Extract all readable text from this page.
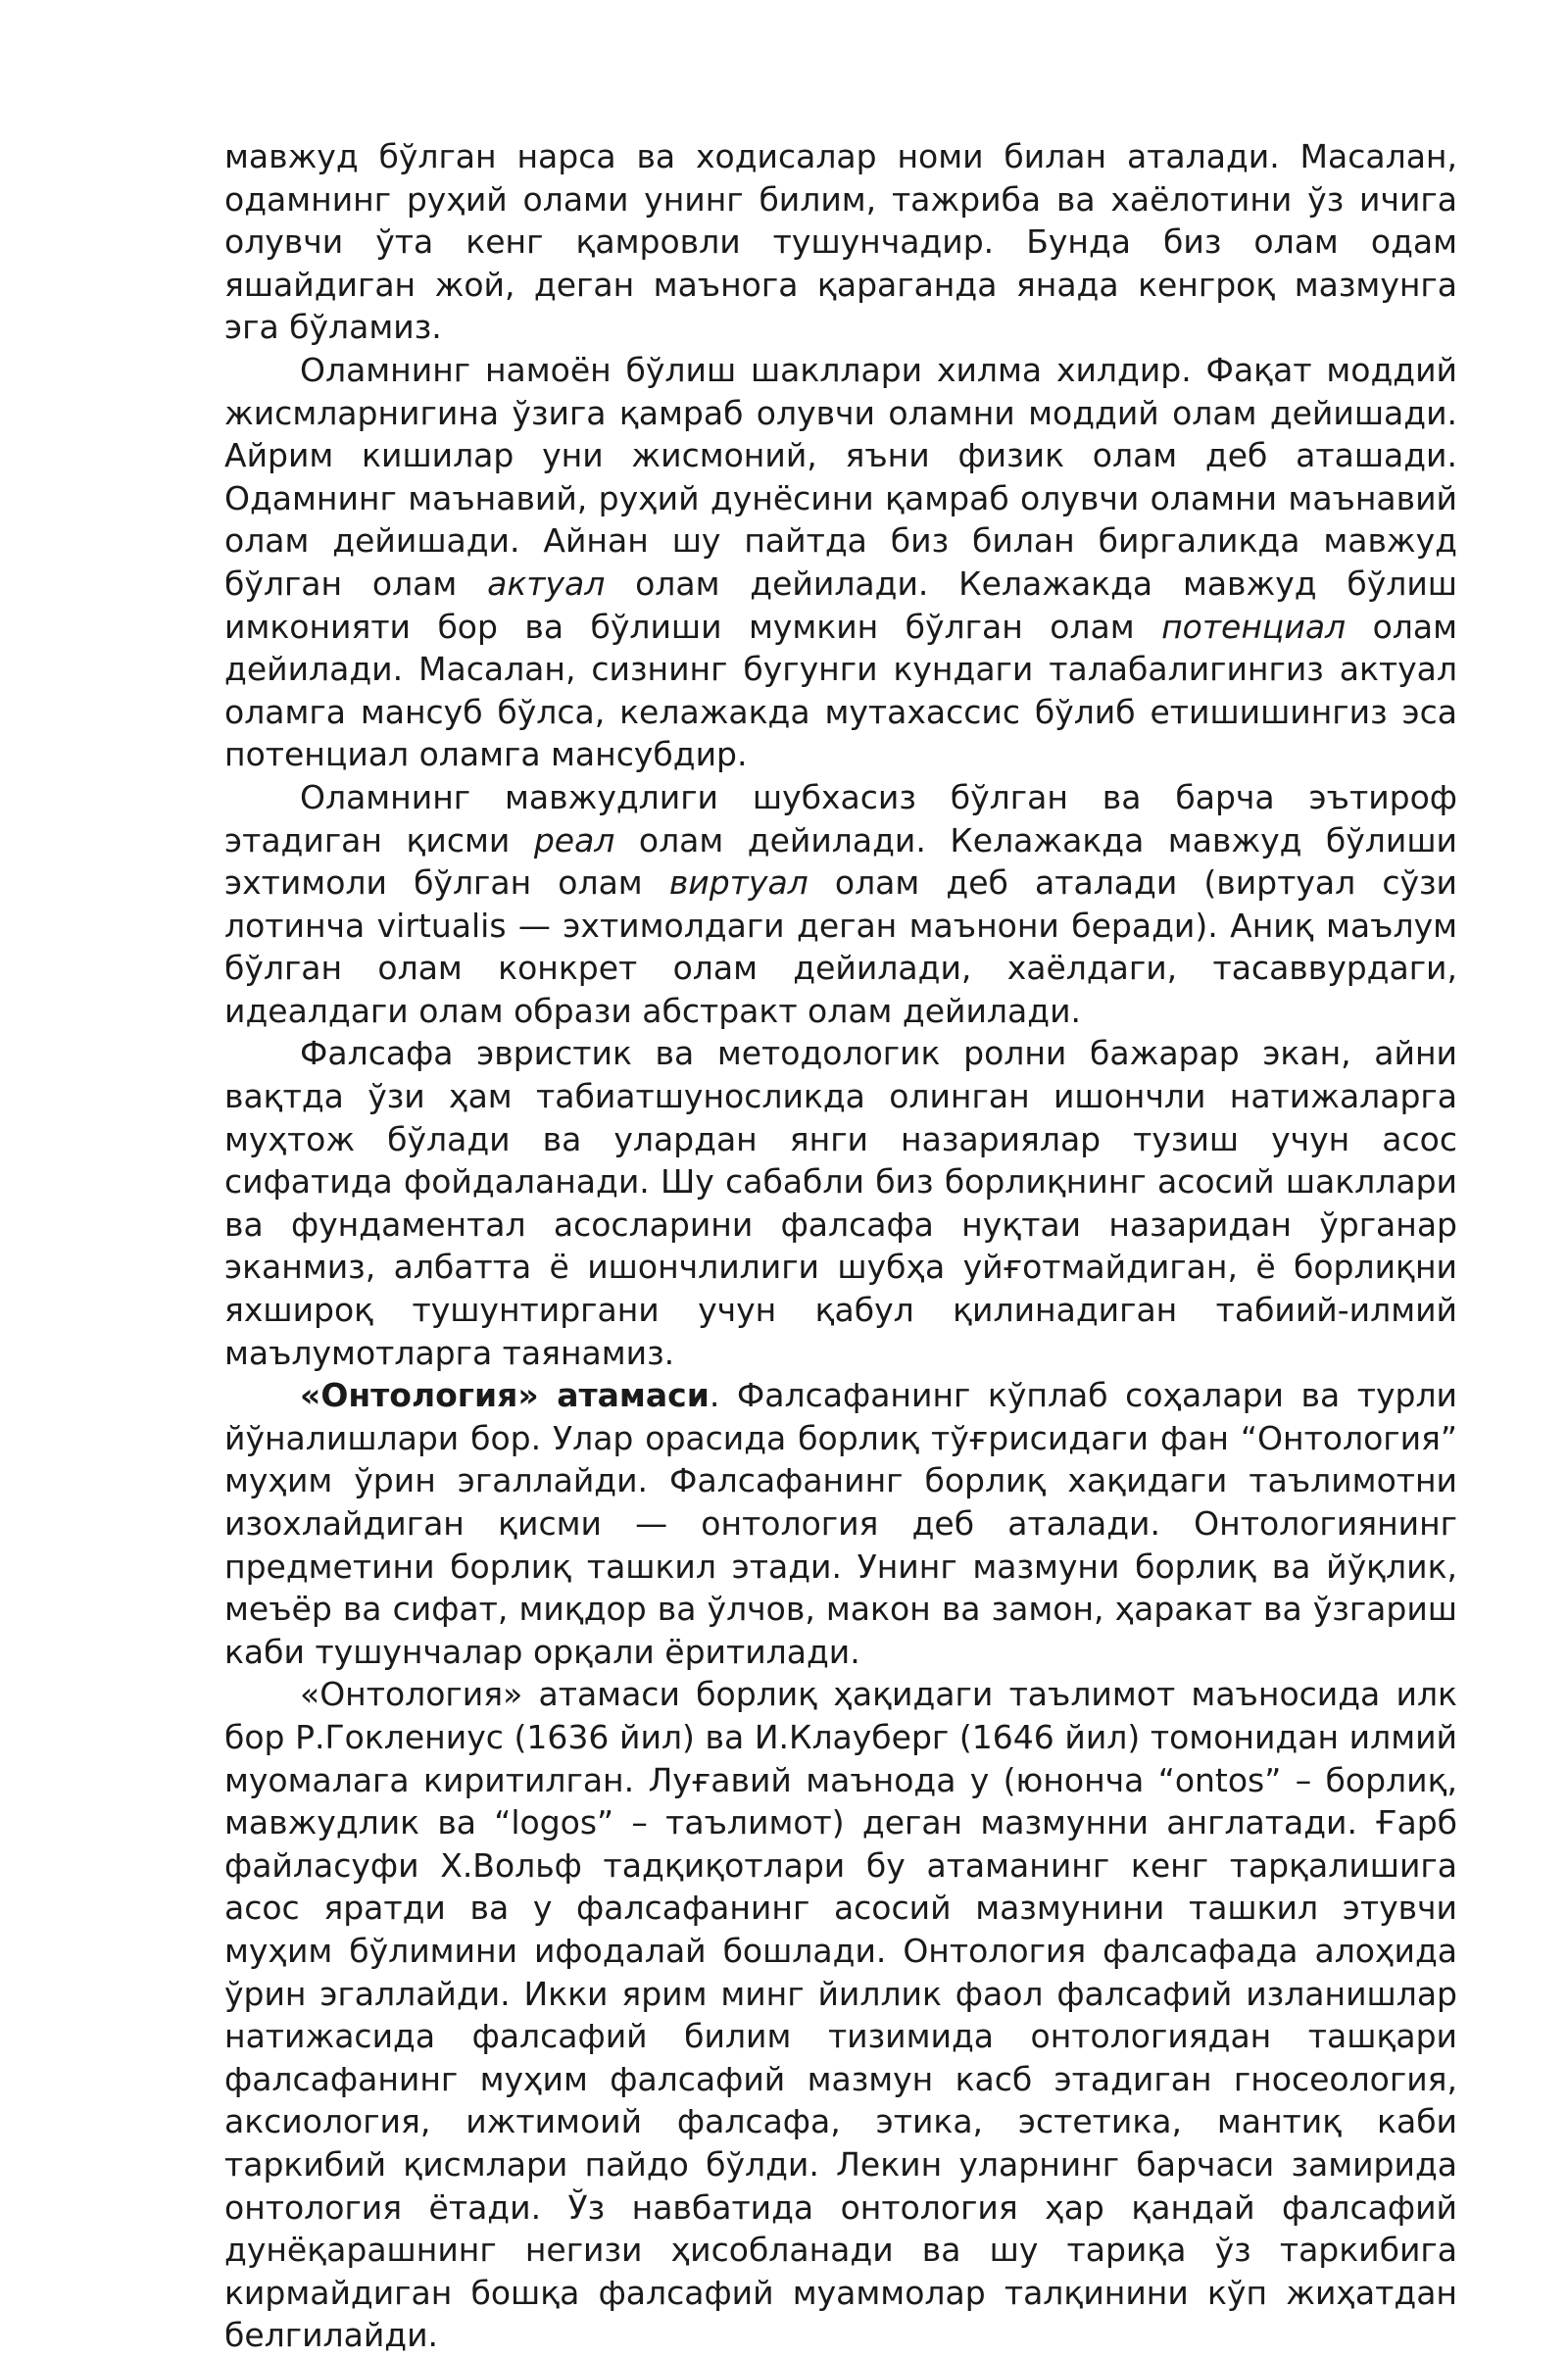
мавжуд бўлган нарса ва ходисалар номи билан аталади. Масалан, одамнинг руҳий олами унинг билим, тажриба ва хаёлотини ўз ичига олувчи ўта кенг қамровли тушунчадир. Бунда биз олам одам яшайдиган жой, деган маънога қараганда янада кенгроқ мазмунга эга бўламиз.

Оламнинг намоён бўлиш шакллари хилма хилдир. Фақат моддий жисмларнигина ўзига қамраб олувчи оламни моддий олам дейишади. Айрим кишилар уни жисмоний, яъни физик олам деб аташади. Одамнинг маънавий, руҳий дунёсини қамраб олувчи оламни маънавий олам дейишади. Айнан шу пайтда биз билан биргаликда мавжуд бўлган олам актуал олам дейилади. Келажакда мавжуд бўлиш имконияти бор ва бўлиши мумкин бўлган олам потенциал олам дейилади. Масалан, сизнинг бугунги кундаги талабалигингиз актуал оламга мансуб бўлса, келажакда мутахассис бўлиб етишишингиз эса потенциал оламга мансубдир.

Оламнинг мавжудлиги шубхасиз бўлган ва барча эътироф этадиган қисми реал олам дейилади. Келажакда мавжуд бўлиши эхтимоли бўлган олам виртуал олам деб аталади (виртуал сўзи лотинча virtualis — эхтимолдаги деган маънони беради). Аниқ маълум бўлган олам конкрет олам дейилади, хаёлдаги, тасаввурдаги, идеалдаги олам образи абстракт олам дейилади.

Фалсафа эвристик ва методологик ролни бажарар экан, айни вақтда ўзи ҳам табиатшуносликда олинган ишончли натижаларга муҳтож бўлади ва улардан янги назариялар тузиш учун асос сифатида фойдаланади. Шу сабабли биз борлиқнинг асосий шакллари ва фундаментал асосларини фалсафа нуқтаи назаридан ўрганар эканмиз, албатта ё ишончлилиги шубҳа уйғотмайдиган, ё борлиқни яхшироқ тушунтиргани учун қабул қилинадиган табиий-илмий маълумотларга таянамиз.

«Онтология» атамаси. Фалсафанинг кўплаб соҳалари ва турли йўналишлари бор. Улар орасида борлиқ тўғрисидаги фан “Онтология” муҳим ўрин эгаллайди. Фалсафанинг борлиқ хақидаги таълимотни изохлайдиган қисми — онтология деб аталади. Онтологиянинг предметини борлиқ ташкил этади. Унинг мазмуни борлиқ ва йўқлик, меъёр ва сифат, миқдор ва ўлчов, макон ва замон, ҳаракат ва ўзгариш каби тушунчалар орқали ёритилади.

«Онтология» атамаси борлиқ ҳақидаги таълимот маъносида илк бор Р.Гоклениус (1636 йил) ва И.Клауберг (1646 йил) томонидан илмий муомалага киритилган. Луғавий маънода у (юнонча “ontos” – борлиқ, мавжудлик ва “logos” – таълимот) деган мазмунни англатади. Ғарб файласуфи Х.Вольф тадқиқотлари бу атаманинг кенг тарқалишига асос яратди ва у фалсафанинг асосий мазмунини ташкил этувчи муҳим бўлимини ифодалай бошлади. Онтология фалсафада алоҳида ўрин эгаллайди. Икки ярим минг йиллик фаол фалсафий изланишлар натижасида фалсафий билим тизимида онтологиядан ташқари фалсафанинг муҳим фалсафий мазмун касб этадиган гносеология, аксиология, ижтимоий фалсафа, этика, эстетика, мантиқ каби таркибий қисмлари пайдо бўлди. Лекин уларнинг барчаси замирида онтология ётади. Ўз навбатида онтология ҳар қандай фалсафий дунёқарашнинг негизи ҳисобланади ва шу тариқа ўз таркибига кирмайдиган бошқа фалсафий муаммолар талқинини кўп жиҳатдан белгилайди.
